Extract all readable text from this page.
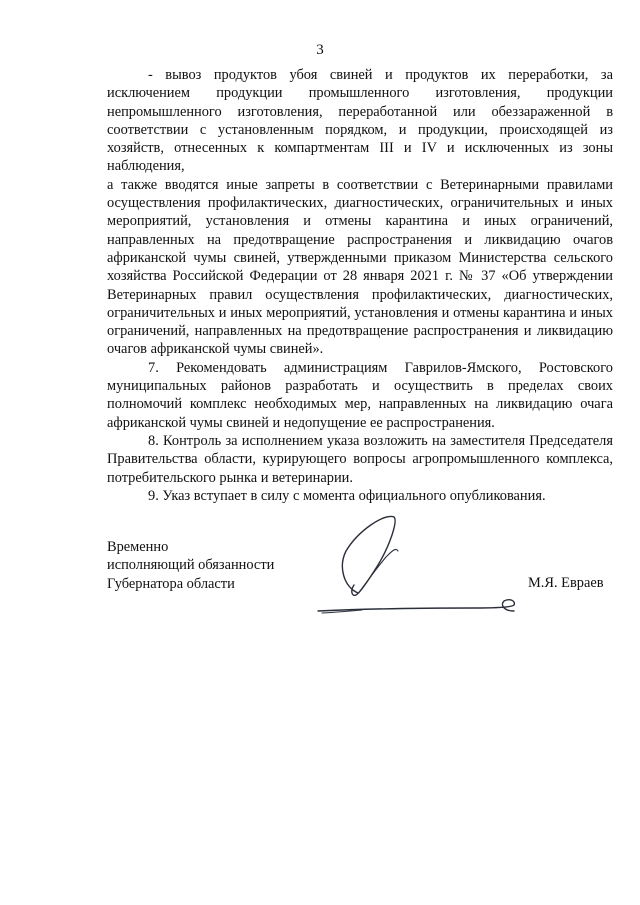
3

- вывоз продуктов убоя свиней и продуктов их переработки, за исключением продукции промышленного изготовления, продукции непромышленного изготовления, переработанной или обеззараженной в соответствии с установленным порядком, и продукции, происходящей из хозяйств, отнесенных к компартментам III и IV и исключенных из зоны наблюдения,

а также вводятся иные запреты в соответствии с Ветеринарными правилами осуществления профилактических, диагностических, ограничительных и иных мероприятий, установления и отмены карантина и иных ограничений, направленных на предотвращение распространения и ликвидацию очагов африканской чумы свиней, утвержденными приказом Министерства сельского хозяйства Российской Федерации от 28 января 2021 г. № 37 «Об утверждении Ветеринарных правил осуществления профилактических, диагностических, ограничительных и иных мероприятий, установления и отмены карантина и иных ограничений, направленных на предотвращение распространения и ликвидацию очагов африканской чумы свиней».

7. Рекомендовать администрациям Гаврилов-Ямского, Ростовского муниципальных районов разработать и осуществить в пределах своих полномочий комплекс необходимых мер, направленных на ликвидацию очага африканской чумы свиней и недопущение ее распространения.

8. Контроль за исполнением указа возложить на заместителя Председателя Правительства области, курирующего вопросы агропромышленного комплекса, потребительского рынка и ветеринарии.

9. Указ вступает в силу с момента официального опубликования.

Временно
исполняющий обязанности
Губернатора области	М.Я. Евраев
